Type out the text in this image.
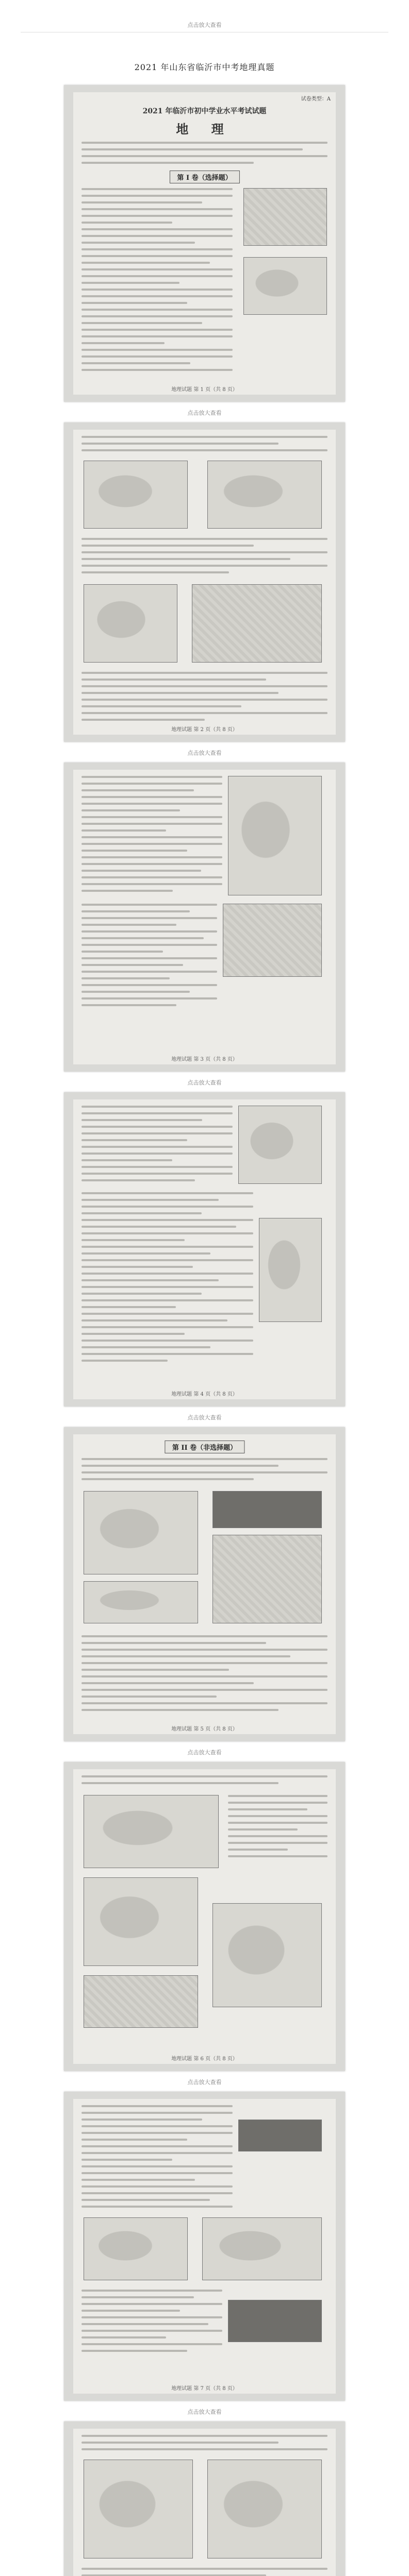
点击放大查看
2021 年山东省临沂市中考地理真题
试卷类型：A
2021 年临沂市初中学业水平考试试题
地 理
第 I 卷（选择题）
地理试题 第 1 页（共 8 页）
点击放大查看
地理试题 第 2 页（共 8 页）
点击放大查看
地理试题 第 3 页（共 8 页）
点击放大查看
地理试题 第 4 页（共 8 页）
点击放大查看
第 II 卷（非选择题）
地理试题 第 5 页（共 8 页）
点击放大查看
地理试题 第 6 页（共 8 页）
点击放大查看
地理试题 第 7 页（共 8 页）
点击放大查看
